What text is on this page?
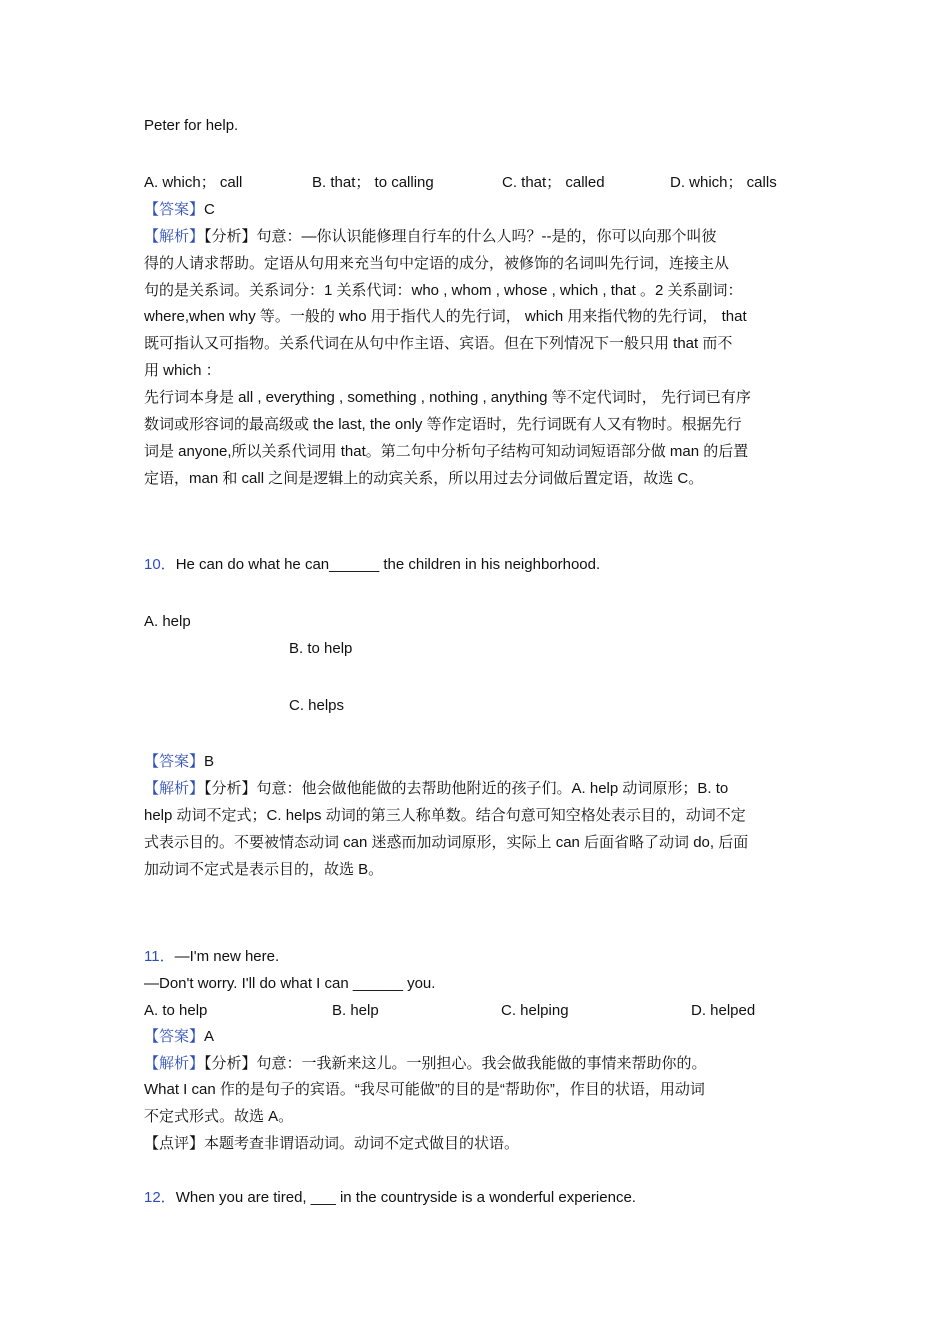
Peter for help.
A. which； call	B. that； to calling	C. that； called	D. which； calls
【答案】C
【解析】【分析】句意：—你认识能修理自行车的什么人吗？--是的，你可以向那个叫彼
得的人请求帮助。定语从句用来充当句中定语的成分，被修饰的名词叫先行词，连接主从
句的是关系词。关系词分：1 关系代词：who , whom , whose , which , that 。2 关系副词：
where,when why 等。一般的 who 用于指代人的先行词， which 用来指代物的先行词， that
既可指认又可指物。关系代词在从句中作主语、宾语。但在下列情况下一般只用 that 而不
用 which ：
先行词本身是 all , everything , something , nothing , anything 等不定代词时， 先行词已有序
数词或形容词的最高级或 the last, the only 等作定语时，先行词既有人又有物时。根据先行
词是 anyone,所以关系代词用 that。第二句中分析句子结构可知动词短语部分做 man 的后置
定语，man 和 call 之间是逻辑上的动宾关系，所以用过去分词做后置定语，故选 C。
10．He can do what he can______ the children in his neighborhood.
A. help
B. to help
C. helps
【答案】B
【解析】【分析】句意：他会做他能做的去帮助他附近的孩子们。A. help 动词原形；B. to
help 动词不定式；C. helps 动词的第三人称单数。结合句意可知空格处表示目的，动词不定
式表示目的。不要被情态动词 can 迷惑而加动词原形，实际上 can 后面省略了动词 do, 后面
加动词不定式是表示目的，故选 B。
11．—I'm new here.
—Don't worry. I'll do what I can ______ you.
A. to help	B. help	C. helping	D. helped
【答案】A
【解析】【分析】句意：一我新来这儿。一别担心。我会做我能做的事情来帮助你的。
What I can 作的是句子的宾语。“我尽可能做”的目的是“帮助你”，作目的状语，用动词
不定式形式。故选 A。
【点评】本题考查非谓语动词。动词不定式做目的状语。
12．When you are tired, ___ in the countryside is a wonderful experience.
